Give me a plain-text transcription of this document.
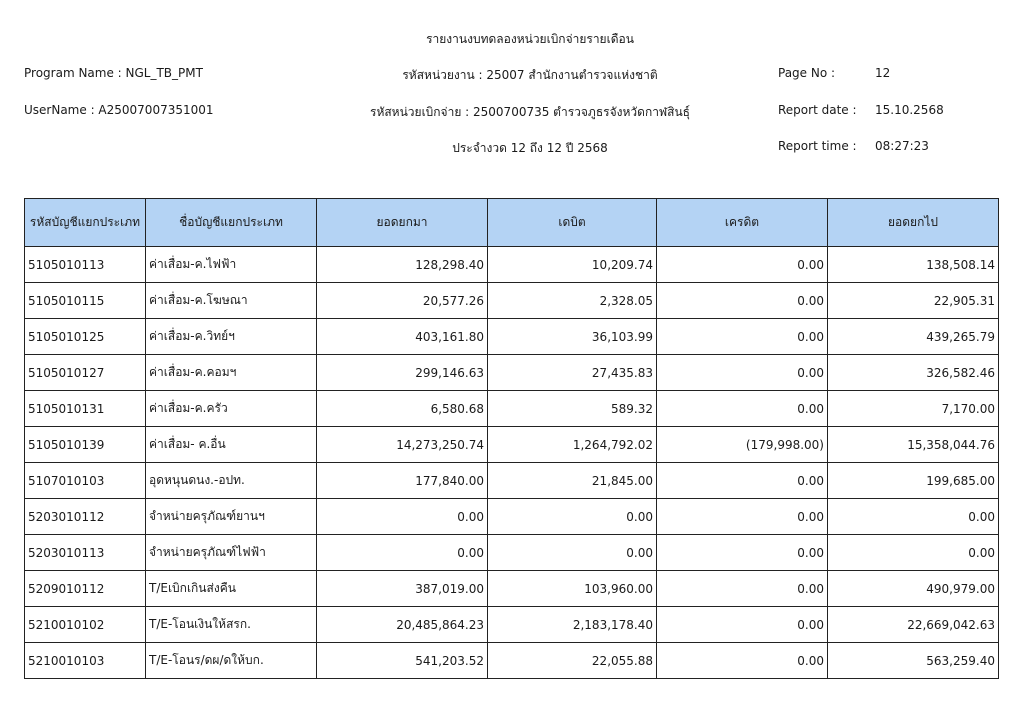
รายงานงบทดลองหน่วยเบิกจ่ายรายเดือน
Program Name : NGL_TB_PMT
UserName : A25007007351001
รหัสหน่วยงาน : 25007 สำนักงานตำรวจแห่งชาติ
รหัสหน่วยเบิกจ่าย : 2500700735 ตำรวจภูธรจังหวัดกาฬสินธุ์
ประจำงวด 12 ถึง 12 ปี 2568
Page No :	12
Report date : 15.10.2568
Report time : 08:27:23
รหัสบัญชีแยกประเภท	ชื่อบัญชีแยกประเภท	ยอดยกมา	เดบิต	เครดิต	ยอดยกไป
5105010113	ค่าเสื่อม-ค.ไฟฟ้า	128,298.40	10,209.74	0.00	138,508.14
5105010115	ค่าเสื่อม-ค.โฆษณา	20,577.26	2,328.05	0.00	22,905.31
5105010125	ค่าเสื่อม-ค.วิทย์ฯ	403,161.80	36,103.99	0.00	439,265.79
5105010127	ค่าเสื่อม-ค.คอมฯ	299,146.63	27,435.83	0.00	326,582.46
5105010131	ค่าเสื่อม-ค.ครัว	6,580.68	589.32	0.00	7,170.00
5105010139	ค่าเสื่อม- ค.อื่น	14,273,250.74	1,264,792.02	(179,998.00)	15,358,044.76
5107010103	อุดหนุนดนง.-อปท.	177,840.00	21,845.00	0.00	199,685.00
5203010112	จำหน่ายครุภัณฑ์ยานฯ	0.00	0.00	0.00	0.00
5203010113	จำหน่ายครุภัณฑ์ไฟฟ้า	0.00	0.00	0.00	0.00
5209010112	T/Eเบิกเกินส่งคืน	387,019.00	103,960.00	0.00	490,979.00
5210010102	T/E-โอนเงินให้สรก.	20,485,864.23	2,183,178.40	0.00	22,669,042.63
5210010103	T/E-โอนร/ดผ/ดให้บก.	541,203.52	22,055.88	0.00	563,259.40
